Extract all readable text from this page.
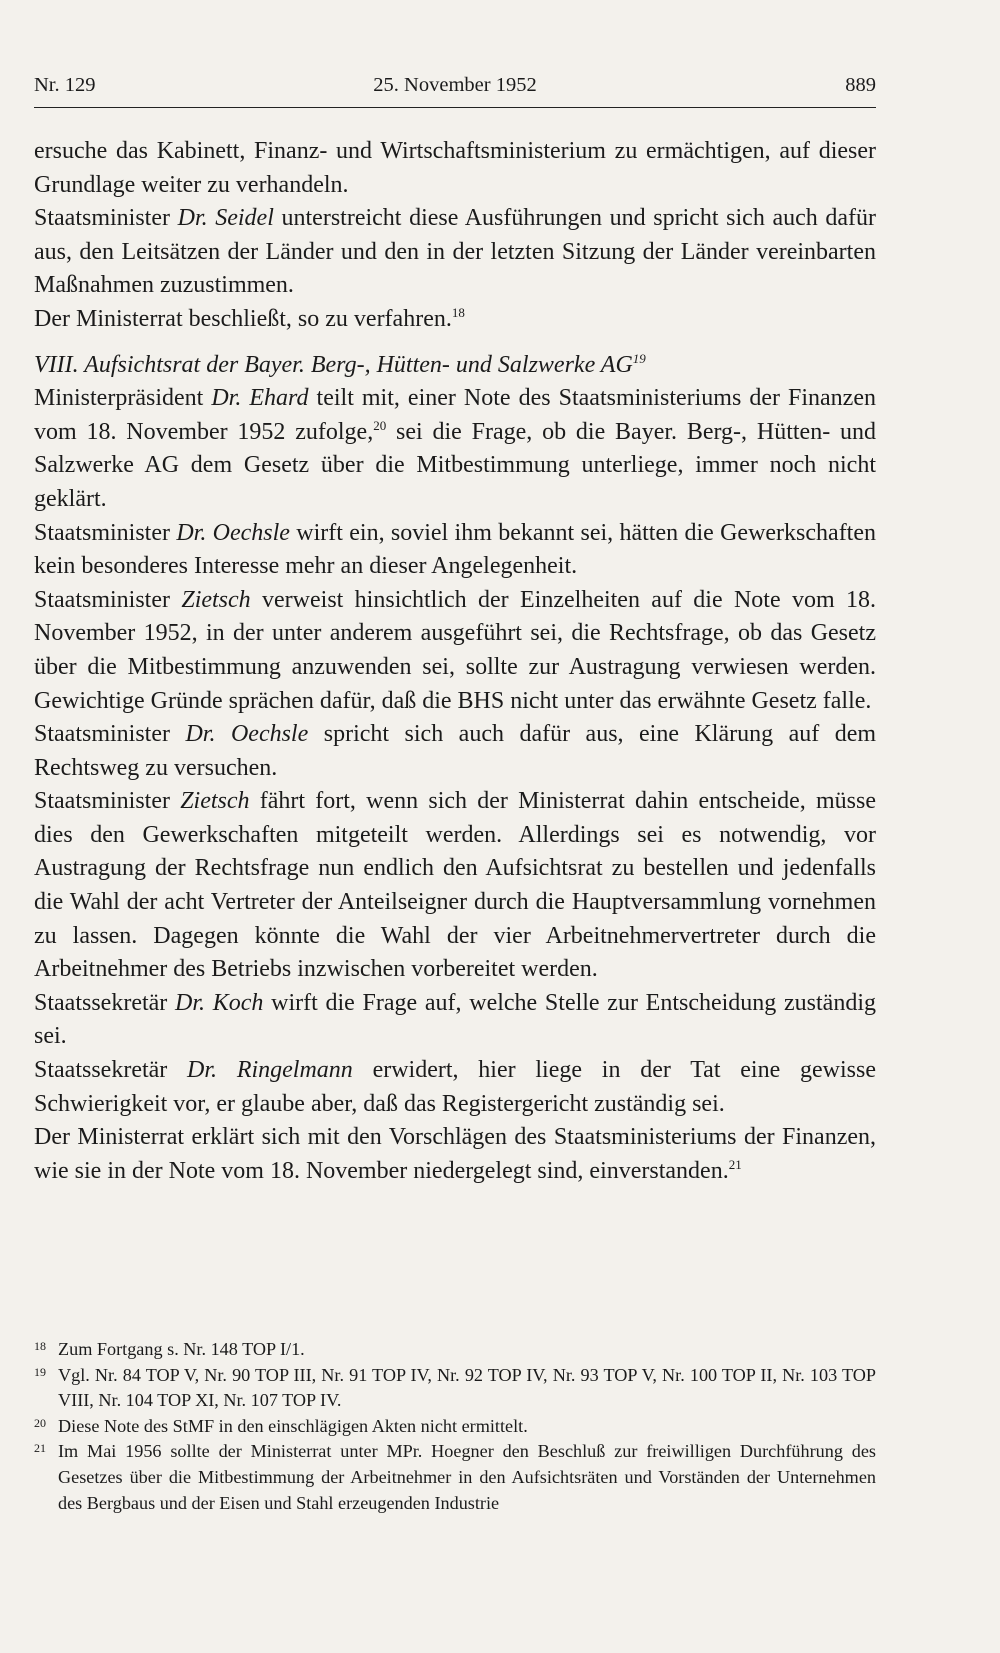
Nr. 129	25. November 1952	889

ersuche das Kabinett, Finanz- und Wirtschaftsministerium zu ermächtigen, auf dieser Grundlage weiter zu verhandeln.

Staatsminister Dr. Seidel unterstreicht diese Ausführungen und spricht sich auch dafür aus, den Leitsätzen der Länder und den in der letzten Sitzung der Länder vereinbarten Maßnahmen zuzustimmen.

Der Ministerrat beschließt, so zu verfahren.$^{18}$

VIII. Aufsichtsrat der Bayer. Berg-, Hütten- und Salzwerke AG$^{19}$

Ministerpräsident Dr. Ehard teilt mit, einer Note des Staatsministeriums der Finanzen vom 18. November 1952 zufolge,$^{20}$ sei die Frage, ob die Bayer. Berg-, Hütten- und Salzwerke AG dem Gesetz über die Mitbestimmung unterliege, immer noch nicht geklärt.

Staatsminister Dr. Oechsle wirft ein, soviel ihm bekannt sei, hätten die Gewerkschaften kein besonderes Interesse mehr an dieser Angelegenheit.

Staatsminister Zietsch verweist hinsichtlich der Einzelheiten auf die Note vom 18. November 1952, in der unter anderem ausgeführt sei, die Rechtsfrage, ob das Gesetz über die Mitbestimmung anzuwenden sei, sollte zur Austragung verwiesen werden. Gewichtige Gründe sprächen dafür, daß die BHS nicht unter das erwähnte Gesetz falle.

Staatsminister Dr. Oechsle spricht sich auch dafür aus, eine Klärung auf dem Rechtsweg zu versuchen.

Staatsminister Zietsch fährt fort, wenn sich der Ministerrat dahin entscheide, müsse dies den Gewerkschaften mitgeteilt werden. Allerdings sei es notwendig, vor Austragung der Rechtsfrage nun endlich den Aufsichtsrat zu bestellen und jedenfalls die Wahl der acht Vertreter der Anteilseigner durch die Hauptversammlung vornehmen zu lassen. Dagegen könnte die Wahl der vier Arbeitnehmervertreter durch die Arbeitnehmer des Betriebs inzwischen vorbereitet werden.

Staatssekretär Dr. Koch wirft die Frage auf, welche Stelle zur Entscheidung zuständig sei.

Staatssekretär Dr. Ringelmann erwidert, hier liege in der Tat eine gewisse Schwierigkeit vor, er glaube aber, daß das Registergericht zuständig sei.

Der Ministerrat erklärt sich mit den Vorschlägen des Staatsministeriums der Finanzen, wie sie in der Note vom 18. November niedergelegt sind, einverstanden.$^{21}$

18 Zum Fortgang s. Nr. 148 TOP I/1.
19 Vgl. Nr. 84 TOP V, Nr. 90 TOP III, Nr. 91 TOP IV, Nr. 92 TOP IV, Nr. 93 TOP V, Nr. 100 TOP II, Nr. 103 TOP VIII, Nr. 104 TOP XI, Nr. 107 TOP IV.
20 Diese Note des StMF in den einschlägigen Akten nicht ermittelt.
21 Im Mai 1956 sollte der Ministerrat unter MPr. Hoegner den Beschluß zur freiwilligen Durchführung des Gesetzes über die Mitbestimmung der Arbeitnehmer in den Aufsichtsräten und Vorständen der Unternehmen des Bergbaus und der Eisen und Stahl erzeugenden Industrie
